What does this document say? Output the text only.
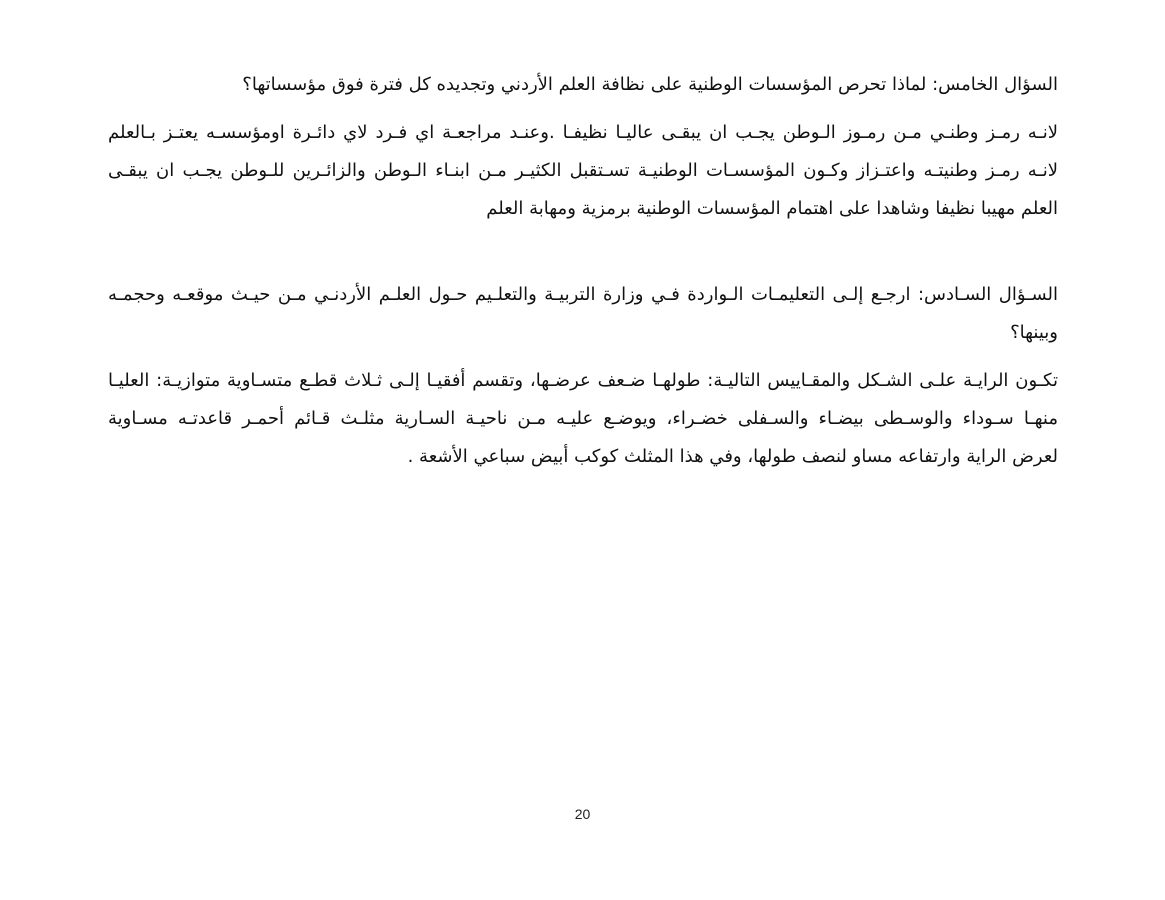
السؤال الخامس: لماذا تحرص المؤسسات الوطنية على نظافة العلم الأردني وتجديده كل فترة فوق مؤسساتها؟
لانـه رمـز وطنـي مـن رمـوز الـوطن يجـب ان يبقـى عاليـا نظيفـا .وعنـد مراجعـة اي فـرد لاي دائـرة اومؤسسـه يعتـز بـالعلم
لانـه رمـز وطنيتـه واعتـزاز وكـون المؤسسـات الوطنيـة تسـتقبل الكثيـر مـن ابنـاء الـوطن والزائـرين للـوطن يجـب ان يبقـى
العلم مهيبا نظيفا وشاهدا على اهتمام المؤسسات الوطنية برمزية ومهابة العلم
السـؤال السـادس: ارجـع إلـى التعليمـات الـواردة فـي وزارة التربيـة والتعلـيم حـول العلـم الأردنـي مـن حيـث موقعـه وحجمـه
وبينها؟
تكـون الرايـة علـى الشـكل والمقـاييس التاليـة: طولهـا ضـعف عرضـها، وتقسم أفقيـا إلـى ثـلاث قطـع متسـاوية متوازيـة: العليـا
منهـا سـوداء والوسـطى بيضـاء والسـفلى خضـراء، ويوضـع عليـه مـن ناحيـة السـارية مثلـث قـائم أحمـر قاعدتـه مسـاوية
لعرض الراية وارتفاعه مساو لنصف طولها، وفي هذا المثلث كوكب أبيض سباعي الأشعة .
20
